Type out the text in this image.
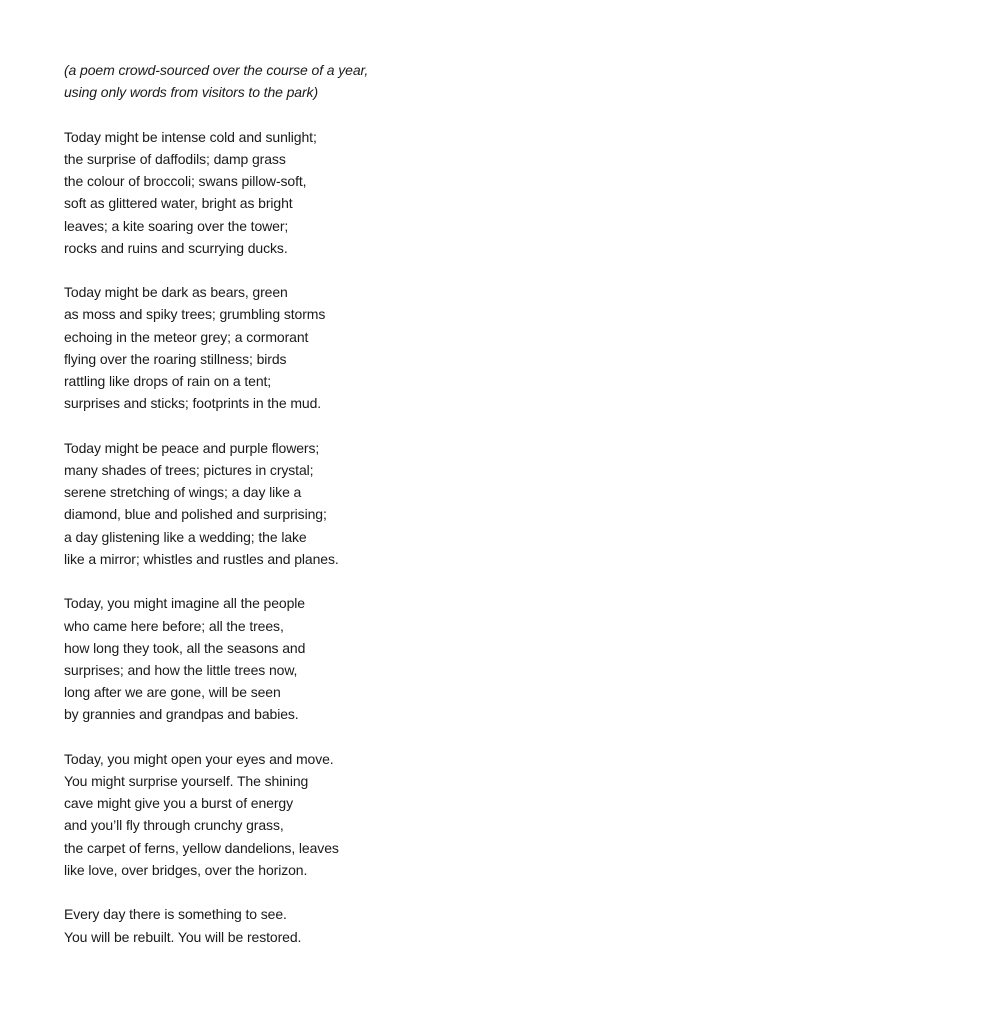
(a poem crowd-sourced over the course of a year,
using only words from visitors to the park)

Today might be intense cold and sunlight;
the surprise of daffodils; damp grass
the colour of broccoli; swans pillow-soft,
soft as glittered water, bright as bright
leaves; a kite soaring over the tower;
rocks and ruins and scurrying ducks.

Today might be dark as bears, green
as moss and spiky trees; grumbling storms
echoing in the meteor grey; a cormorant
flying over the roaring stillness; birds
rattling like drops of rain on a tent;
surprises and sticks; footprints in the mud.

Today might be peace and purple flowers;
many shades of trees; pictures in crystal;
serene stretching of wings; a day like a
diamond, blue and polished and surprising;
a day glistening like a wedding; the lake
like a mirror; whistles and rustles and planes.

Today, you might imagine all the people
who came here before; all the trees,
how long they took, all the seasons and
surprises; and how the little trees now,
long after we are gone, will be seen
by grannies and grandpas and babies.

Today, you might open your eyes and move.
You might surprise yourself. The shining
cave might give you a burst of energy
and you’ll fly through crunchy grass,
the carpet of ferns, yellow dandelions, leaves
like love, over bridges, over the horizon.

Every day there is something to see.
You will be rebuilt. You will be restored.
